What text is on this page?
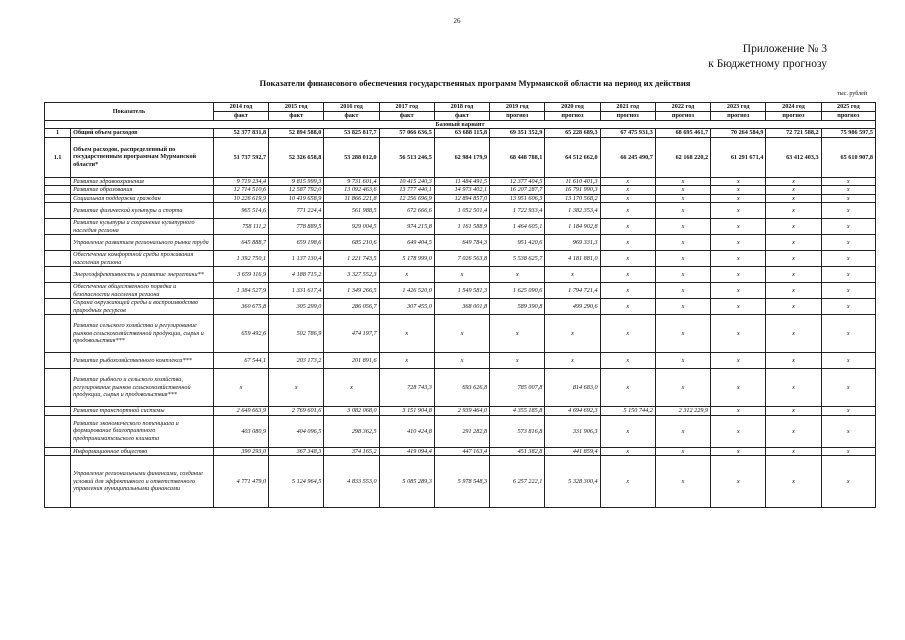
26
Приложение № 3
к Бюджетному прогнозу
Показатели финансового обеспечения государственных программ Мурманской области на период их действия
тыс. рублей
Показатель		2014 год	2015 год	2016 год	2017 год	2018 год	2019 год	2020 год	2021 год	2022 год	2023 год	2024 год	2025 год
		факт	факт	факт	факт	факт	прогноз	прогноз	прогноз	прогноз	прогноз	прогноз	прогноз
Базовый вариант													
1	Общий объем расходов	52 377 831,8	52 894 588,0	53 825 817,7	57 066 636,5	63 688 115,8	69 351 352,9	65 228 689,3	67 475 931,3	68 695 461,7	70 264 584,9	72 721 588,2	75 986 597,5
1.1	Объем расходов, распределенный по государственным программам Мурманской области*	51 737 592,7	52 326 658,8	53 288 012,0	56 513 246,5	62 984 179,9	68 448 788,1	64 512 662,0	66 245 490,7	62 168 220,2	61 291 671,4	63 412 403,3	65 610 907,8
	Развитие здравоохранения	9 719 234,4	9 815 999,3	9 731 601,4	10 415 240,3	11 484 491,5	12 377 404,5	11 610 401,3	x	x	x	x	x
	Развитие образования	12 714 510,6	12 587 792,0	13 092 463,6	13 777 440,1	14 973 402,1	16 207 287,7	16 791 990,3	x	x	x	x	x
	Социальная поддержка граждан	10 226 619,9	10 419 658,9	11 866 221,8	12 256 696,9	12 894 857,0	13 951 606,3	13 170 568,2	x	x	x	x	x
	Развитие физической культуры и спорта	965 514,6	771 224,4	561 988,5	672 666,6	1 052 501,4	1 722 933,4	1 382 353,4	x	x	x	x	x
	Развитие культуры и сохранение культурного наследия региона	758 111,2	778 889,5	929 004,5	974 215,8	1 161 588,9	1 464 605,1	1 184 902,8	x	x	x	x	x
	Управление развитием регионального рынка труда	645 888,7	659 198,6	685 210,6	649 404,5	649 784,3	951 420,6	969 331,3	x	x	x	x	x
	Обеспечение комфортной среды проживания населения региона	1 392 750,1	1 137 130,4	1 221 743,5	5 178 999,0	7 026 563,8	5 538 625,7	4 181 881,0	x	x	x	x	x
	Энергоэффективность и развитие энергетики**	3 659 116,9	4 188 715,2	3 327 552,3	x	x	x	x	x	x	x	x	x
	Обеспечение общественного порядка и безопасности населения региона	1 384 527,9	1 331 617,4	1 349 266,5	1 426 520,0	1 549 581,3	1 625 090,6	1 794 721,4	x	x	x	x	x
	Охрана окружающей среды и воспроизводство природных ресурсов	360 675,8	305 299,0	286 056,7	307 455,0	368 001,8	589 390,8	499 290,6	x	x	x	x	x
	Развитие сельского хозяйства и регулирование рынков сельскохозяйственной продукции, сырья и продовольствия***	659 492,6	502 786,9	474 197,7	x	x	x	x	x	x	x	x	x
	Развитие рыбохозяйственного комплекса***	67 544,1	203 173,2	201 891,6	x	x	x	x	x	x	x	x	x
	Развитие рыбного и сельского хозяйства, регулирование рынков сельскохозяйственной продукции, сырья и продовольствия***	x	x	x	728 743,3	693 626,8	785 007,8	814 683,0	x	x	x	x	x
	Развитие транспортной системы	2 649 663,9	2 769 601,6	3 082 068,0	3 151 904,8	2 939 464,0	4 355 185,8	4 694 692,3	5 150 744,2	2 312 229,9	x	x	x
	Развитие экономического потенциала и формирование благоприятного предпринимательского климата	403 080,9	404 096,5	298 362,5	410 424,8	291 282,8	573 816,8	331 906,3	x	x	x	x	x
	Информационное общество	390 293,0	367 348,3	374 165,2	419 094,4	447 163,4	451 382,8	441 859,4	x	x	x	x	x
	Управление региональными финансами, создание условий для эффективного и ответственного управления муниципальными финансами	4 771 479,0	5 124 964,5	4 833 553,0	5 085 289,3	5 978 548,3	6 257 222,1	5 328 300,4	x	x	x	x	x
